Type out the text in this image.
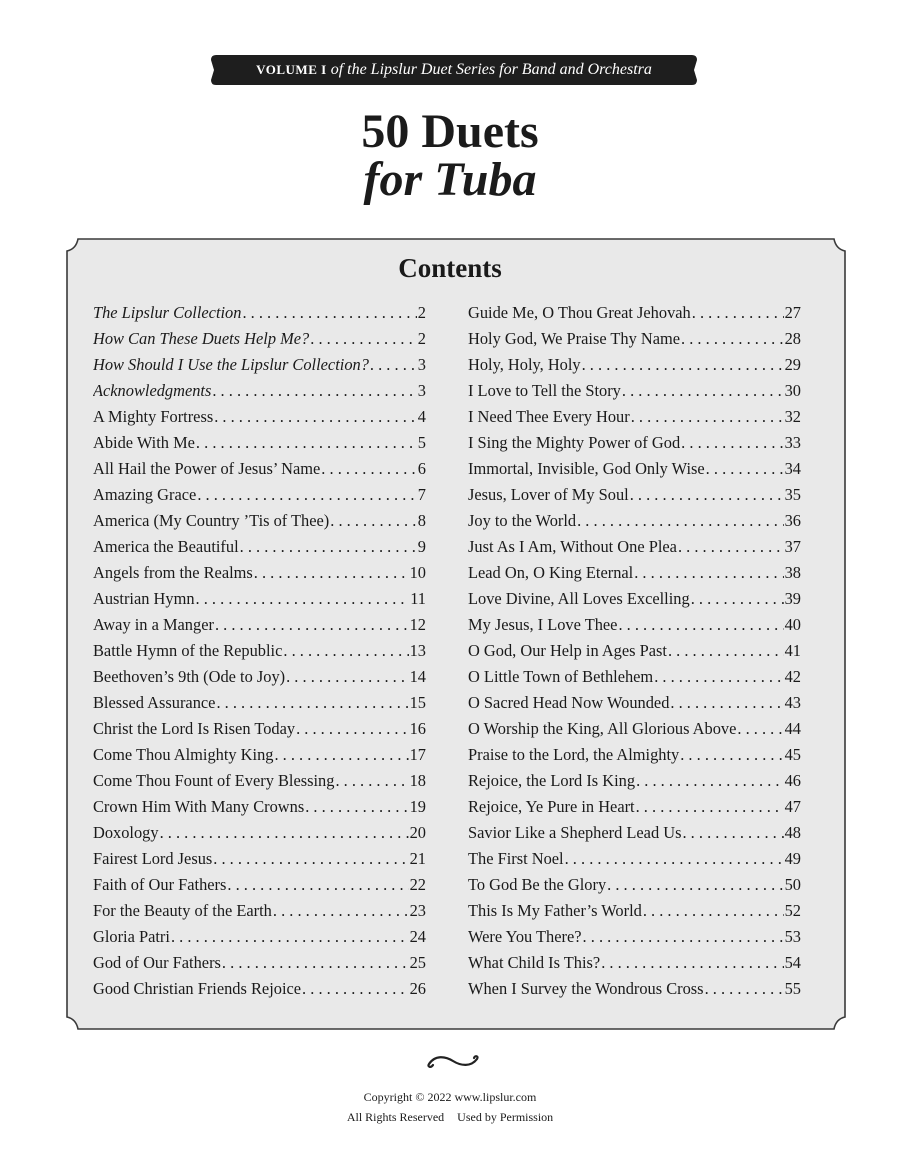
VOLUME I of the Lipslur Duet Series for Band and Orchestra
50 Duets
for Tuba
Contents
The Lipslur Collection . . .	2
How Can These Duets Help Me? . . .	2
How Should I Use the Lipslur Collection? . . .	3
Acknowledgments . . .	3
A Mighty Fortress . . .	4
Abide With Me . . .	5
All Hail the Power of Jesus’ Name . . .	6
Amazing Grace . . .	7
America (My Country ’Tis of Thee) . . .	8
America the Beautiful . . .	9
Angels from the Realms . . .	10
Austrian Hymn . . .	11
Away in a Manger . . .	12
Battle Hymn of the Republic . . .	13
Beethoven’s 9th (Ode to Joy) . . .	14
Blessed Assurance . . .	15
Christ the Lord Is Risen Today . . .	16
Come Thou Almighty King . . .	17
Come Thou Fount of Every Blessing . . .	18
Crown Him With Many Crowns . . .	19
Doxology . . .	20
Fairest Lord Jesus . . .	21
Faith of Our Fathers . . .	22
For the Beauty of the Earth . . .	23
Gloria Patri . . .	24
God of Our Fathers . . .	25
Good Christian Friends Rejoice . . .	26
Guide Me, O Thou Great Jehovah . . .	27
Holy God, We Praise Thy Name . . .	28
Holy, Holy, Holy . . .	29
I Love to Tell the Story . . .	30
I Need Thee Every Hour . . .	32
I Sing the Mighty Power of God . . .	33
Immortal, Invisible, God Only Wise . . .	34
Jesus, Lover of My Soul . . .	35
Joy to the World . . .	36
Just As I Am, Without One Plea . . .	37
Lead On, O King Eternal . . .	38
Love Divine, All Loves Excelling . . .	39
My Jesus, I Love Thee . . .	40
O God, Our Help in Ages Past . . .	41
O Little Town of Bethlehem . . .	42
O Sacred Head Now Wounded . . .	43
O Worship the King, All Glorious Above . . .	44
Praise to the Lord, the Almighty . . .	45
Rejoice, the Lord Is King . . .	46
Rejoice, Ye Pure in Heart . . .	47
Savior Like a Shepherd Lead Us . . .	48
The First Noel . . .	49
To God Be the Glory . . .	50
This Is My Father’s World . . .	52
Were You There? . . .	53
What Child Is This? . . .	54
When I Survey the Wondrous Cross . . .	55
Copyright © 2022 www.lipslur.com
All Rights Reserved Used by Permission
